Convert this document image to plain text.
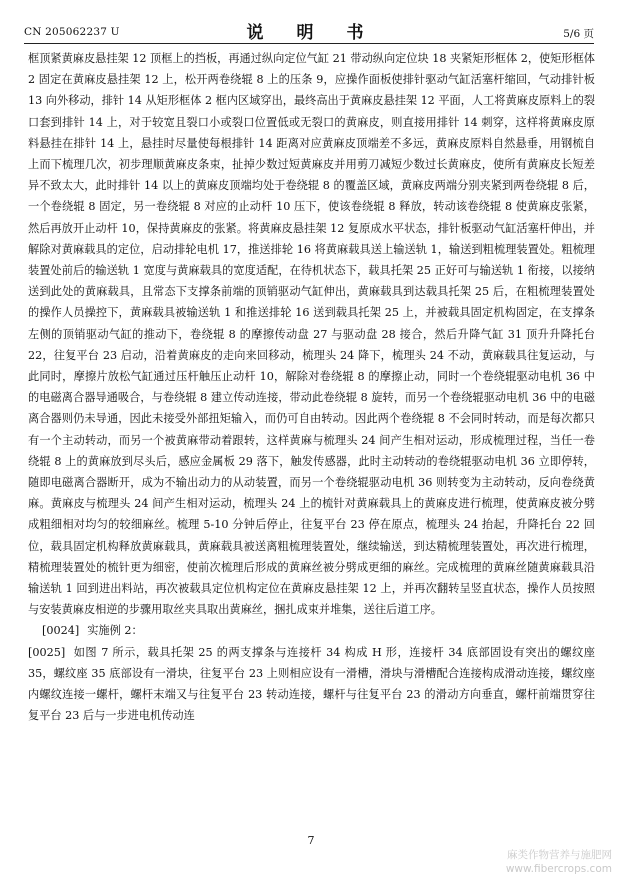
CN 205062237 U	说　明　书	5/6 页

框顶紧黄麻皮悬挂架 12 顶框上的挡板，再通过纵向定位气缸 21 带动纵向定位块 18 夹紧矩形框体 2，使矩形框体 2 固定在黄麻皮悬挂架 12 上，松开两卷绕辊 8 上的压条 9，应操作面板使排针驱动气缸活塞杆缩回，气动排针板 13 向外移动，排针 14 从矩形框体 2 框内区域穿出，最终高出于黄麻皮悬挂架 12 平面，人工将黄麻皮原料上的裂口套到排针 14 上，对于较宽且裂口小或裂口位置低或无裂口的黄麻皮，则直接用排针 14 刺穿，这样将黄麻皮原料悬挂在排针 14 上，悬挂时尽量使每根排针 14 距离对应黄麻皮顶端差不多远，黄麻皮原料自然悬垂，用钢梳自上而下梳理几次，初步理顺黄麻皮条束，扯掉少数过短黄麻皮并用剪刀减短少数过长黄麻皮，使所有黄麻皮长短差异不致太大，此时排针 14 以上的黄麻皮顶端均处于卷绕辊 8 的覆盖区域，黄麻皮两端分别夹紧到两卷绕辊 8 后，一个卷绕辊 8 固定，另一卷绕辊 8 对应的止动杆 10 压下，使该卷绕辊 8 释放，转动该卷绕辊 8 使黄麻皮张紧，然后再放开止动杆 10，保持黄麻皮的张紧。将黄麻皮悬挂架 12 复原成水平状态，排针板驱动气缸活塞杆伸出，并解除对黄麻载具的定位，启动排轮电机 17，推送排轮 16 将黄麻载具送上输送轨 1，输送到粗梳理装置处。粗梳理装置处前后的输送轨 1 宽度与黄麻载具的宽度适配，在待机状态下，载具托架 25 正好可与输送轨 1 衔接，以接纳送到此处的黄麻载具，且常态下支撑条前端的顶销驱动气缸伸出，黄麻载具到达载具托架 25 后，在粗梳理装置处的操作人员操控下，黄麻载具被输送轨 1 和推送排轮 16 送到载具托架 25 上，并被载具固定机构固定，在支撑条左侧的顶销驱动气缸的推动下，卷绕辊 8 的摩擦传动盘 27 与驱动盘 28 接合，然后升降气缸 31 顶升升降托台 22，往复平台 23 启动，沿着黄麻皮的走向来回移动，梳理头 24 降下，梳理头 24 不动，黄麻载具往复运动，与此同时，摩擦片放松气缸通过压杆触压止动杆 10，解除对卷绕辊 8 的摩擦止动，同时一个卷绕辊驱动电机 36 中的电磁离合器导通吸合，与卷绕辊 8 建立传动连接，带动此卷绕辊 8 旋转，而另一个卷绕辊驱动电机 36 中的电磁离合器则仍未导通，因此未接受外部扭矩输入，而仍可自由转动。因此两个卷绕辊 8 不会同时转动，而是每次都只有一个主动转动，而另一个被黄麻带动着跟转，这样黄麻与梳理头 24 间产生相对运动，形成梳理过程，当任一卷绕辊 8 上的黄麻放到尽头后，感应金属板 29 落下，触发传感器，此时主动转动的卷绕辊驱动电机 36 立即停转，随即电磁离合器断开，成为不输出动力的从动装置，而另一个卷绕辊驱动电机 36 则转变为主动转动，反向卷绕黄麻。黄麻皮与梳理头 24 间产生相对运动，梳理头 24 上的梳针对黄麻载具上的黄麻皮进行梳理，使黄麻皮被分劈成粗细相对均匀的较细麻丝。梳理 5-10 分钟后停止，往复平台 23 停在原点，梳理头 24 抬起，升降托台 22 回位，载具固定机构释放黄麻载具，黄麻载具被送离粗梳理装置处，继续输送，到达精梳理装置处，再次进行梳理，精梳理装置处的梳针更为细密，使前次梳理后形成的黄麻丝被分劈成更细的麻丝。完成梳理的黄麻丝随黄麻载具沿输送轨 1 回到进出料站，再次被载具定位机构定位在黄麻皮悬挂架 12 上，并再次翻转呈竖直状态，操作人员按照与安装黄麻皮相逆的步骤用取丝夹具取出黄麻丝，捆扎成束并堆集，送往后道工序。

[0024] 实施例 2：

[0025] 如图 7 所示，载具托架 25 的两支撑条与连接杆 34 构成 H 形，连接杆 34 底部固设有突出的螺纹座 35，螺纹座 35 底部设有一滑块，往复平台 23 上则相应设有一滑槽，滑块与滑槽配合连接构成滑动连接，螺纹座内螺纹连接一螺杆，螺杆末端又与往复平台 23 转动连接，螺杆与往复平台 23 的滑动方向垂直，螺杆前端贯穿往复平台 23 后与一步进电机传动连

7
麻类作物营养与施肥网
www.fibercrops.com
